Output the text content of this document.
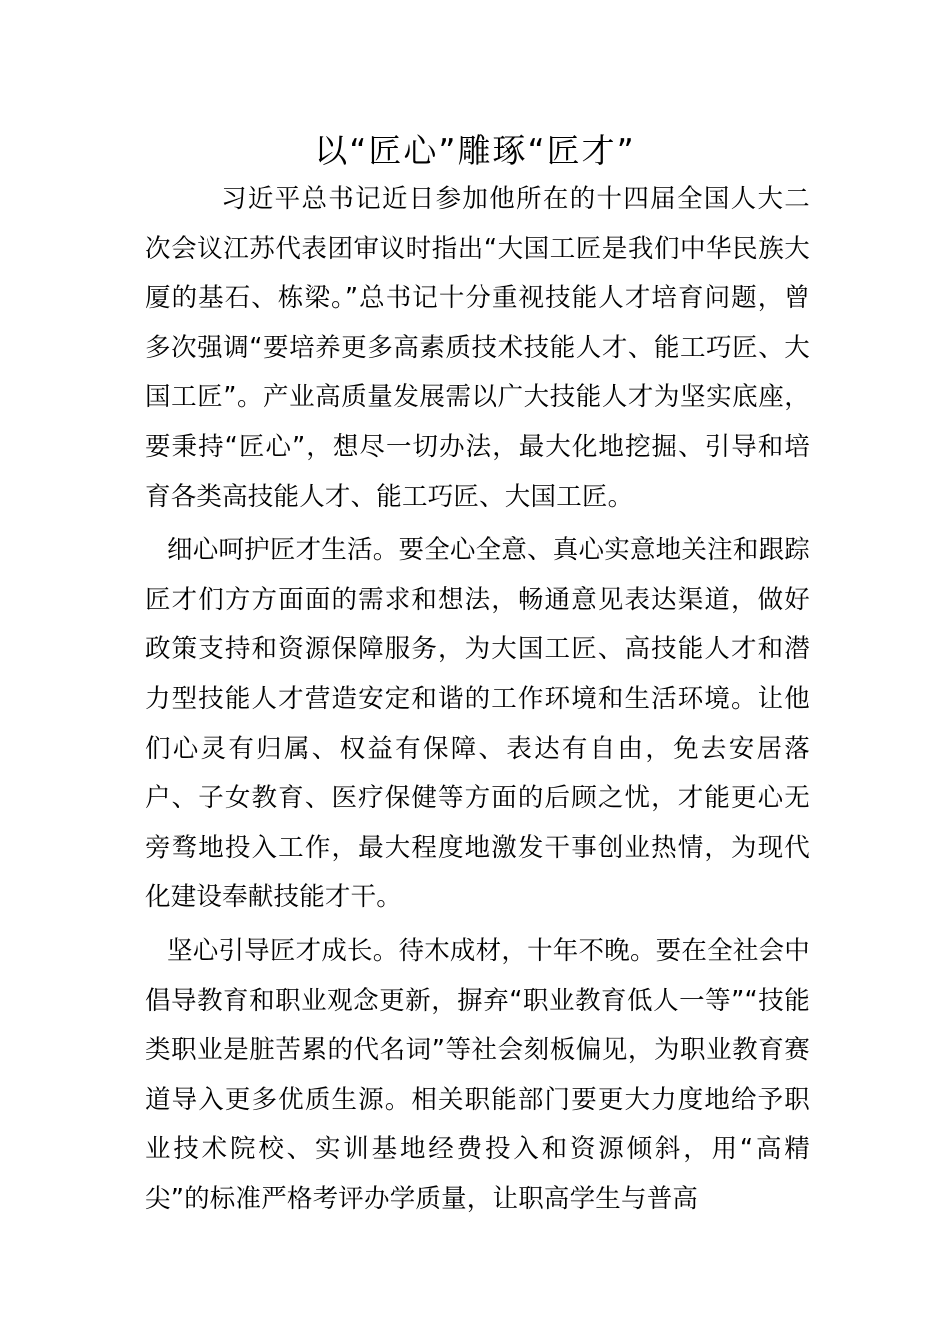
以“匠心”雕琢“匠才”

习近平总书记近日参加他所在的十四届全国人大二次会议江苏代表团审议时指出“大国工匠是我们中华民族大厦的基石、栋梁。”总书记十分重视技能人才培育问题，曾多次强调“要培养更多高素质技术技能人才、能工巧匠、大国工匠”。产业高质量发展需以广大技能人才为坚实底座，要秉持“匠心”，想尽一切办法，最大化地挖掘、引导和培育各类高技能人才、能工巧匠、大国工匠。

细心呵护匠才生活。要全心全意、真心实意地关注和跟踪匠才们方方面面的需求和想法，畅通意见表达渠道，做好政策支持和资源保障服务，为大国工匠、高技能人才和潜力型技能人才营造安定和谐的工作环境和生活环境。让他们心灵有归属、权益有保障、表达有自由，免去安居落户、子女教育、医疗保健等方面的后顾之忧，才能更心无旁骛地投入工作，最大程度地激发干事创业热情，为现代化建设奉献技能才干。

坚心引导匠才成长。待木成材，十年不晚。要在全社会中倡导教育和职业观念更新，摒弃“职业教育低人一等”“技能类职业是脏苦累的代名词”等社会刻板偏见，为职业教育赛道导入更多优质生源。相关职能部门要更大力度地给予职业技术院校、实训基地经费投入和资源倾斜，用“高精尖”的标准严格考评办学质量，让职高学生与普高
